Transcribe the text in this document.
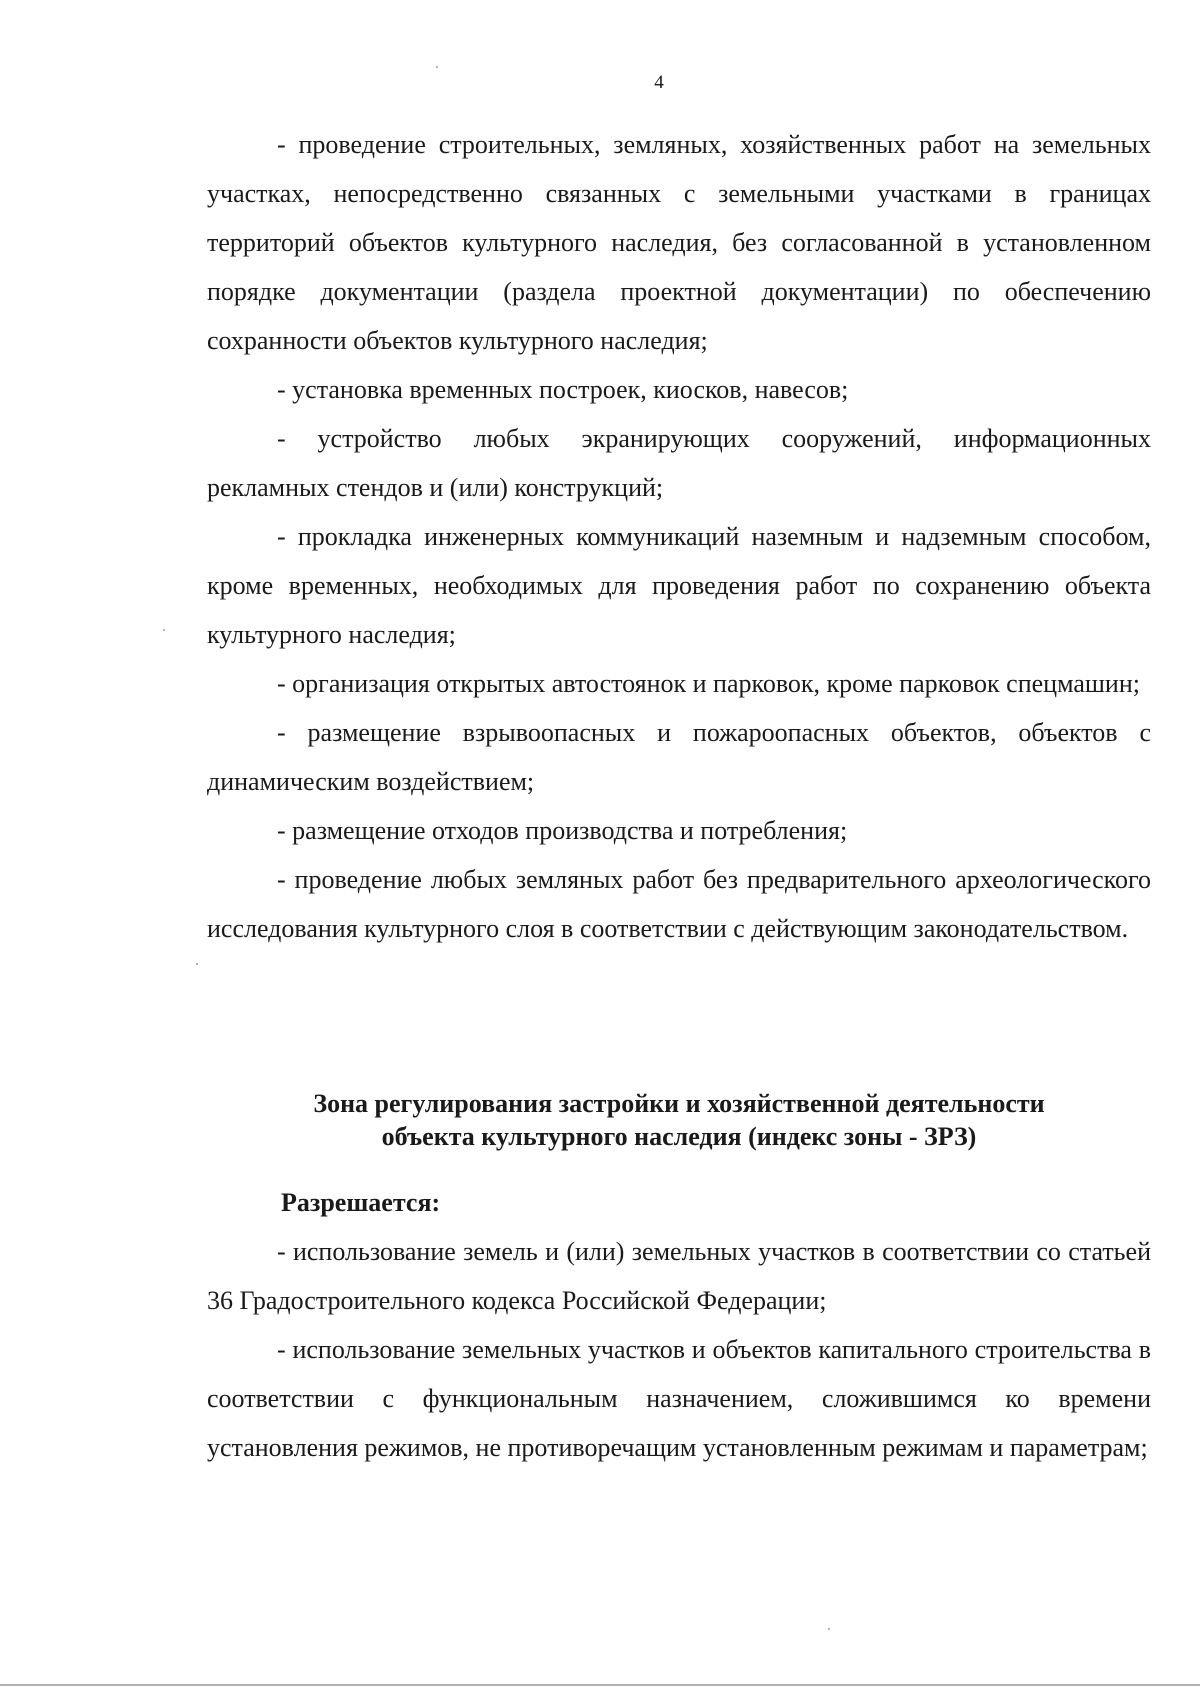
4

- проведение строительных, земляных, хозяйственных работ на земельных участках, непосредственно связанных с земельными участками в границах территорий объектов культурного наследия, без согласованной в установленном порядке документации (раздела проектной документации) по обеспечению сохранности объектов культурного наследия;

- установка временных построек, киосков, навесов;

- устройство любых экранирующих сооружений, информационных рекламных стендов и (или) конструкций;

- прокладка инженерных коммуникаций наземным и надземным способом, кроме временных, необходимых для проведения работ по сохранению объекта культурного наследия;

- организация открытых автостоянок и парковок, кроме парковок спецмашин;

- размещение взрывоопасных и пожароопасных объектов, объектов с динамическим воздействием;

- размещение отходов производства и потребления;

- проведение любых земляных работ без предварительного археологического исследования культурного слоя в соответствии с действующим законодательством.

Зона регулирования застройки и хозяйственной деятельности
объекта культурного наследия (индекс зоны - ЗРЗ)
Разрешается:

- использование земель и (или) земельных участков в соответствии со статьей 36 Градостроительного кодекса Российской Федерации;

- использование земельных участков и объектов капитального строительства в соответствии с функциональным назначением, сложившимся ко времени установления режимов, не противоречащим установленным режимам и параметрам;
